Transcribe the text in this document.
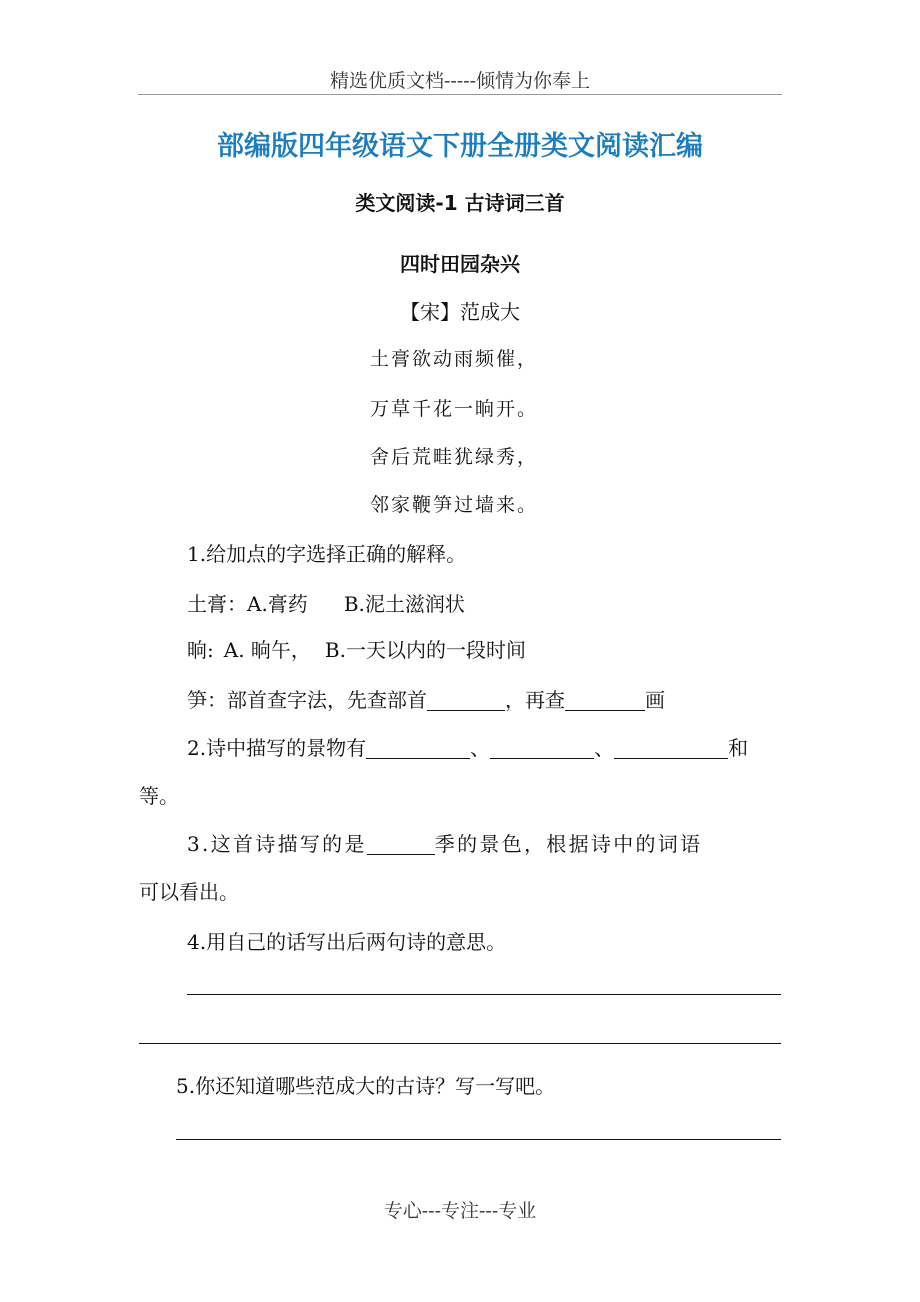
精选优质文档-----倾情为你奉上
部编版四年级语文下册全册类文阅读汇编
类文阅读-1 古诗词三首
四时田园杂兴
【宋】范成大
土膏欲动雨频催，
万草千花一晌开。
舍后荒畦犹绿秀，
邻家鞭笋过墙来。
1.给加点的字选择正确的解释。
土膏：A.膏药 B.泥土滋润状
晌: A. 晌午， B.一天以内的一段时间
笋：部首查字法，先查部首	，再查	画
2.诗中描写的景物有	、	、	和
等。
3.这首诗描写的是	季的景色，根据诗中的词语
可以看出。
4.用自己的话写出后两句诗的意思。
5.你还知道哪些范成大的古诗？写一写吧。
专心---专注---专业
